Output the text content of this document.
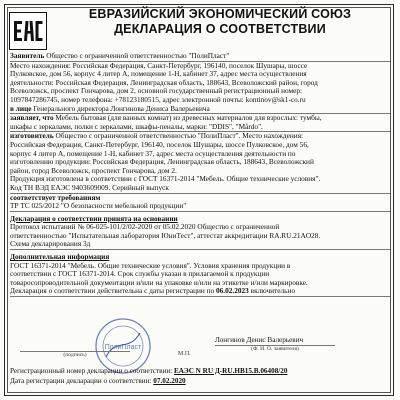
ЕВРАЗИЙСКИЙ ЭКОНОМИЧЕСКИЙ СОЮЗ
ДЕКЛАРАЦИЯ О СООТВЕТСТВИИ
Заявитель Общество с ограниченной ответственностью "ПолиПласт"
Место нахождения: Российская Федерация, Санкт-Петербург, 196140, поселок Шушары, шоссе
Пулковское, дом 56, корпус 4 литер А, помещение 1-Н, кабинет 37, адрес места осуществления
деятельности: Российская Федерация, Ленинградская область, 188643, Всеволожский район, город
Всеволожск, проспект Гончарова, дом 2, основной государственный регистрационный номер:
1097847286745, номер телефона: +78123180515, адрес электронной почты: kontinov@sk1-co.ru
в лице Генерального директора Лонгинова Дениса Валерьевича
заявляет, что Мебель бытовая (для ванных комнат) из древесных материалов для взрослых: тумбы,
шкафы с зеркалами, полки с зеркалами, шкафы-пеналы, марки: "DDIS", "Mårdo".
изготовитель Общество с ограниченной ответственностью "ПолиПласт". Место нахождения:
Российская Федерация, Санкт-Петербург, 196140, поселок Шушары, шоссе Пулковское, дом 56,
корпус 4 литер А, помещение 1-Н, кабинет 37, адрес места осуществления деятельности по
изготовлению продукции: Российская Федерация, Ленинградская область, 188643, Всеволожский
район, город Всеволожск, проспект Гончарова, дом 2.
Продукция изготовлена в соответствии с ГОСТ 16371-2014 "Мебель. Общие технические условия".
Код ТН ВЭД ЕАЭС 9403609009. Серийный выпуск
соответствует требованиям
ТР ТС 025/2012 "О безопасности мебельной продукции"
Декларация о соответствии принята на основании
Протокол испытаний № 06-025-101/2/02-2020 от 05.02.2020 Общество с ограниченной
ответственностью "Испытательная лаборатория ЮниТест", аттестат аккредитации RA.RU.21AO28.
Схема декларирования 3д
Дополнительная информация
ГОСТ 16371-2014 "Мебель. Общие технические условия". Условия хранения продукции в
соответствии с ГОСТ 16371-2014. Срок службы указан в прилагаемой к продукции
товаросопроводительной документации и/или на упаковке и/или на этикетке и/или маркировке.
Декларация о соответствии действительна с даты регистрации по 06.02.2023 включительно
ПолиПласт
Лонгинов Денис Валерьевич
(подпись)	М.П.
(Ф. И. О. заявителя)
Регистрационный номер декларации о соответствии: ЕАЭС N RU Д-RU.HB15.B.06408/20
Дата регистрации декларации о соответствии: 07.02.2020
